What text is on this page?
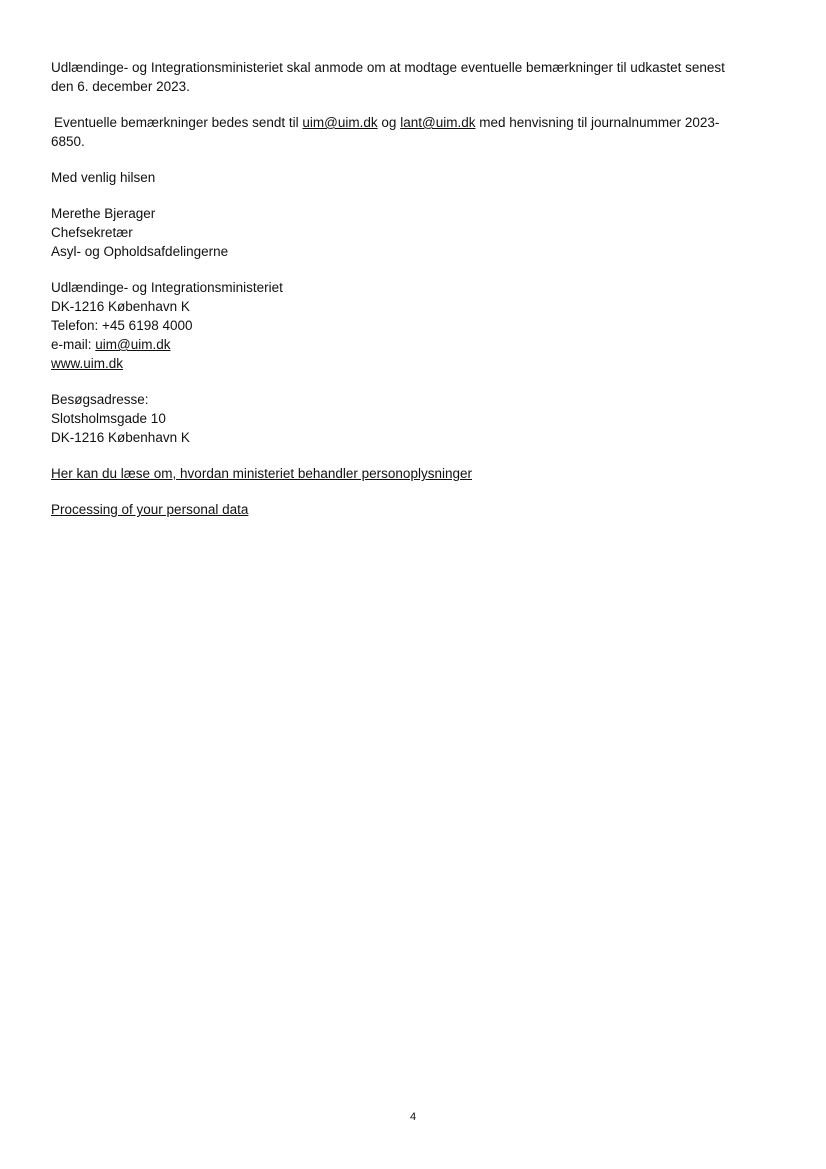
Udlændinge- og Integrationsministeriet skal anmode om at modtage eventuelle bemærkninger til udkastet senest
den 6. december 2023.

Eventuelle bemærkninger bedes sendt til uim@uim.dk og lant@uim.dk med henvisning til journalnummer 2023-
6850.

Med venlig hilsen

Merethe Bjerager
Chefsekretær
Asyl- og Opholdsafdelingerne

Udlændinge- og Integrationsministeriet
DK-1216 København K
Telefon: +45 6198 4000
e-mail: uim@uim.dk
www.uim.dk

Besøgsadresse:
Slotsholmsgade 10
DK-1216 København K

Her kan du læse om, hvordan ministeriet behandler personoplysninger

Processing of your personal data

4
